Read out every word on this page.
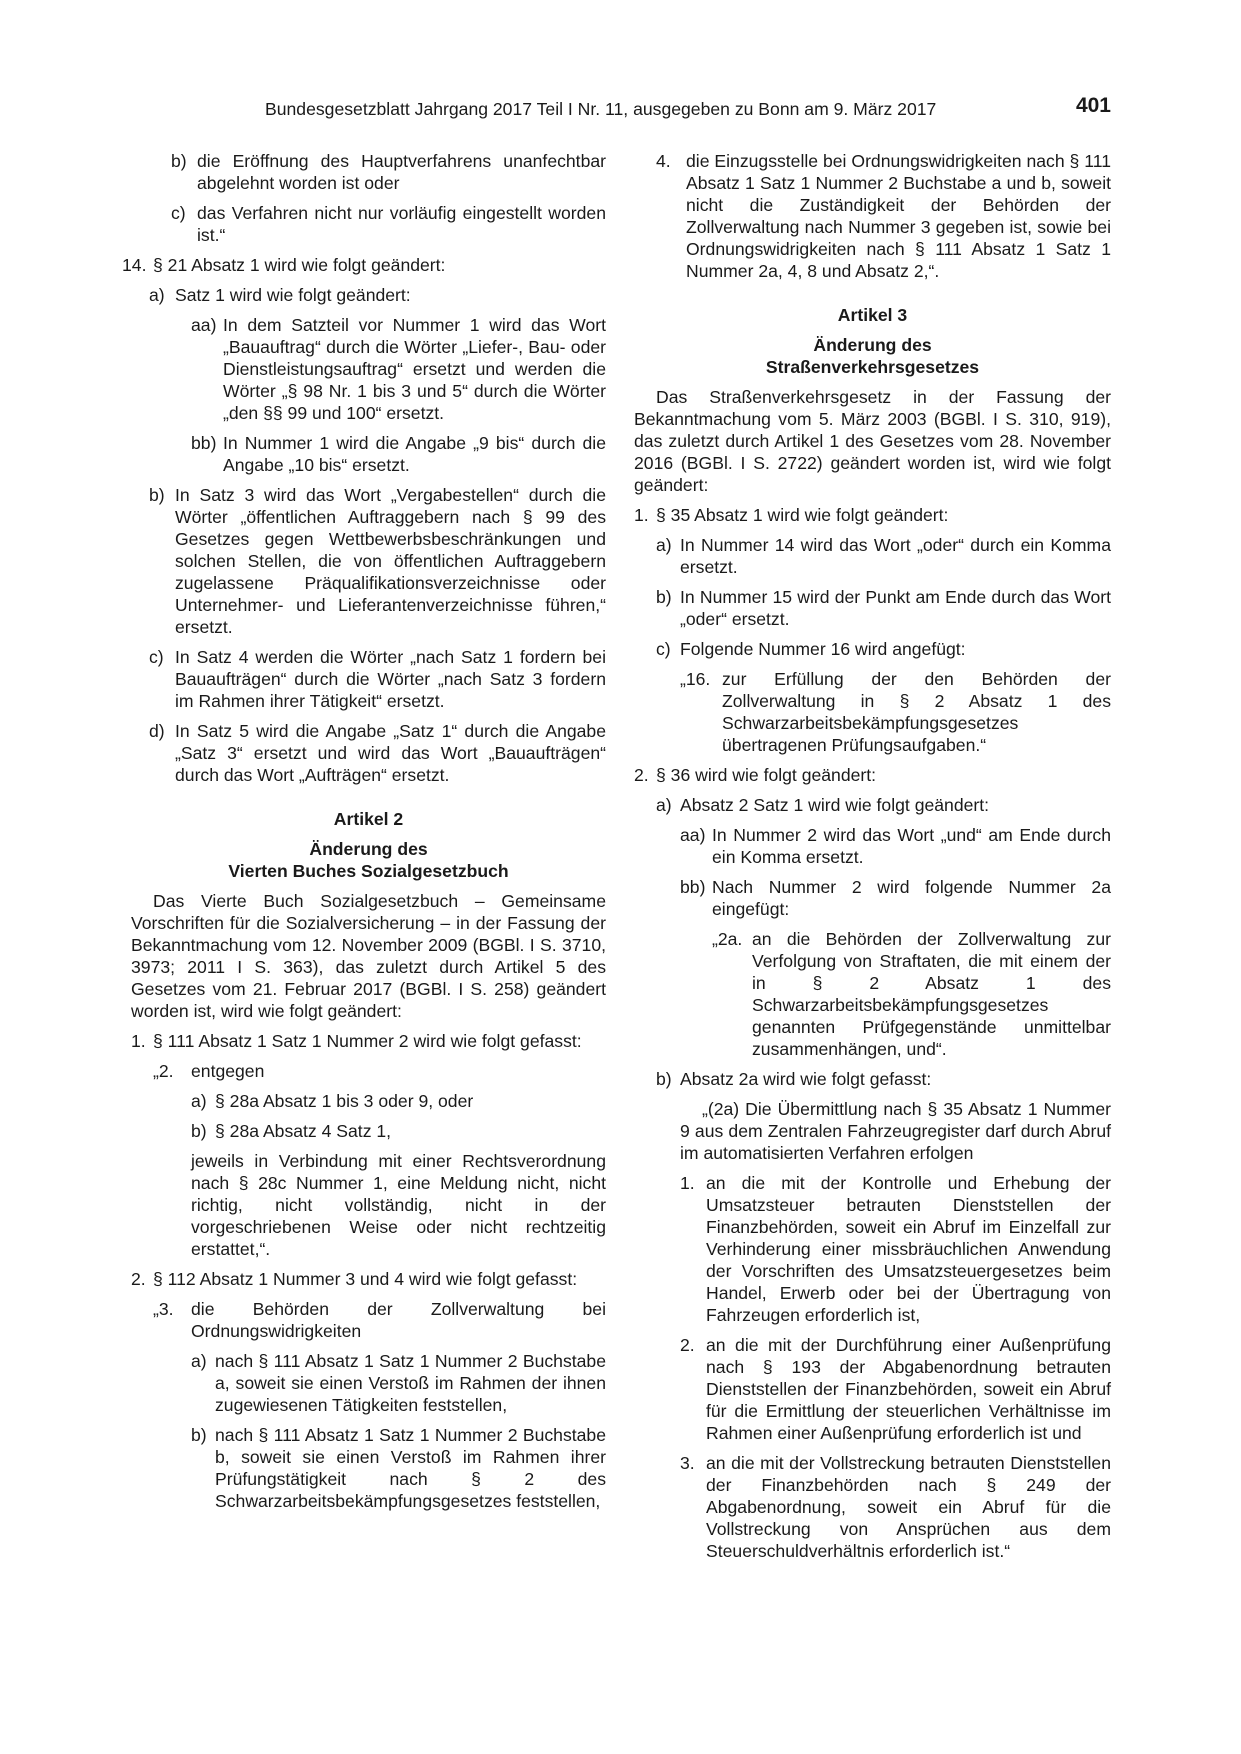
Bundesgesetzblatt Jahrgang 2017 Teil I Nr. 11, ausgegeben zu Bonn am 9. März 2017	401
b) die Eröffnung des Hauptverfahrens unanfechtbar abgelehnt worden ist oder
c) das Verfahren nicht nur vorläufig eingestellt worden ist.“
14. § 21 Absatz 1 wird wie folgt geändert:
a) Satz 1 wird wie folgt geändert:
aa) In dem Satzteil vor Nummer 1 wird das Wort „Bauauftrag“ durch die Wörter „Liefer-, Bau- oder Dienstleistungsauftrag“ ersetzt und werden die Wörter „§ 98 Nr. 1 bis 3 und 5“ durch die Wörter „den §§ 99 und 100“ ersetzt.
bb) In Nummer 1 wird die Angabe „9 bis“ durch die Angabe „10 bis“ ersetzt.
b) In Satz 3 wird das Wort „Vergabestellen“ durch die Wörter „öffentlichen Auftraggebern nach § 99 des Gesetzes gegen Wettbewerbsbeschränkungen und solchen Stellen, die von öffentlichen Auftraggebern zugelassene Präqualifikationsverzeichnisse oder Unternehmer- und Lieferantenverzeichnisse führen,“ ersetzt.
c) In Satz 4 werden die Wörter „nach Satz 1 fordern bei Bauaufträgen“ durch die Wörter „nach Satz 3 fordern im Rahmen ihrer Tätigkeit“ ersetzt.
d) In Satz 5 wird die Angabe „Satz 1“ durch die Angabe „Satz 3“ ersetzt und wird das Wort „Bauaufträgen“ durch das Wort „Aufträgen“ ersetzt.
Artikel 2
Änderung des
Vierten Buches Sozialgesetzbuch
Das Vierte Buch Sozialgesetzbuch – Gemeinsame Vorschriften für die Sozialversicherung – in der Fassung der Bekanntmachung vom 12. November 2009 (BGBl. I S. 3710, 3973; 2011 I S. 363), das zuletzt durch Artikel 5 des Gesetzes vom 21. Februar 2017 (BGBl. I S. 258) geändert worden ist, wird wie folgt geändert:
1. § 111 Absatz 1 Satz 1 Nummer 2 wird wie folgt gefasst:
„2. entgegen
a) § 28a Absatz 1 bis 3 oder 9, oder
b) § 28a Absatz 4 Satz 1,
jeweils in Verbindung mit einer Rechtsverordnung nach § 28c Nummer 1, eine Meldung nicht, nicht richtig, nicht vollständig, nicht in der vorgeschriebenen Weise oder nicht rechtzeitig erstattet,“.
2. § 112 Absatz 1 Nummer 3 und 4 wird wie folgt gefasst:
„3. die Behörden der Zollverwaltung bei Ordnungswidrigkeiten
a) nach § 111 Absatz 1 Satz 1 Nummer 2 Buchstabe a, soweit sie einen Verstoß im Rahmen der ihnen zugewiesenen Tätigkeiten feststellen,
b) nach § 111 Absatz 1 Satz 1 Nummer 2 Buchstabe b, soweit sie einen Verstoß im Rahmen ihrer Prüfungstätigkeit nach § 2 des Schwarzarbeitsbekämpfungsgesetzes feststellen,
4. die Einzugsstelle bei Ordnungswidrigkeiten nach § 111 Absatz 1 Satz 1 Nummer 2 Buchstabe a und b, soweit nicht die Zuständigkeit der Behörden der Zollverwaltung nach Nummer 3 gegeben ist, sowie bei Ordnungswidrigkeiten nach § 111 Absatz 1 Satz 1 Nummer 2a, 4, 8 und Absatz 2,“.
Artikel 3
Änderung des
Straßenverkehrsgesetzes
Das Straßenverkehrsgesetz in der Fassung der Bekanntmachung vom 5. März 2003 (BGBl. I S. 310, 919), das zuletzt durch Artikel 1 des Gesetzes vom 28. November 2016 (BGBl. I S. 2722) geändert worden ist, wird wie folgt geändert:
1. § 35 Absatz 1 wird wie folgt geändert:
a) In Nummer 14 wird das Wort „oder“ durch ein Komma ersetzt.
b) In Nummer 15 wird der Punkt am Ende durch das Wort „oder“ ersetzt.
c) Folgende Nummer 16 wird angefügt:
„16. zur Erfüllung der den Behörden der Zollverwaltung in § 2 Absatz 1 des Schwarzarbeitsbekämpfungsgesetzes übertragenen Prüfungsaufgaben.“
2. § 36 wird wie folgt geändert:
a) Absatz 2 Satz 1 wird wie folgt geändert:
aa) In Nummer 2 wird das Wort „und“ am Ende durch ein Komma ersetzt.
bb) Nach Nummer 2 wird folgende Nummer 2a eingefügt:
„2a. an die Behörden der Zollverwaltung zur Verfolgung von Straftaten, die mit einem der in § 2 Absatz 1 des Schwarzarbeitsbekämpfungsgesetzes genannten Prüfgegenstände unmittelbar zusammenhängen, und“.
b) Absatz 2a wird wie folgt gefasst:
„(2a) Die Übermittlung nach § 35 Absatz 1 Nummer 9 aus dem Zentralen Fahrzeugregister darf durch Abruf im automatisierten Verfahren erfolgen
1. an die mit der Kontrolle und Erhebung der Umsatzsteuer betrauten Dienststellen der Finanzbehörden, soweit ein Abruf im Einzelfall zur Verhinderung einer missbräuchlichen Anwendung der Vorschriften des Umsatzsteuergesetzes beim Handel, Erwerb oder bei der Übertragung von Fahrzeugen erforderlich ist,
2. an die mit der Durchführung einer Außenprüfung nach § 193 der Abgabenordnung betrauten Dienststellen der Finanzbehörden, soweit ein Abruf für die Ermittlung der steuerlichen Verhältnisse im Rahmen einer Außenprüfung erforderlich ist und
3. an die mit der Vollstreckung betrauten Dienststellen der Finanzbehörden nach § 249 der Abgabenordnung, soweit ein Abruf für die Vollstreckung von Ansprüchen aus dem Steuerschuldverhältnis erforderlich ist.“
